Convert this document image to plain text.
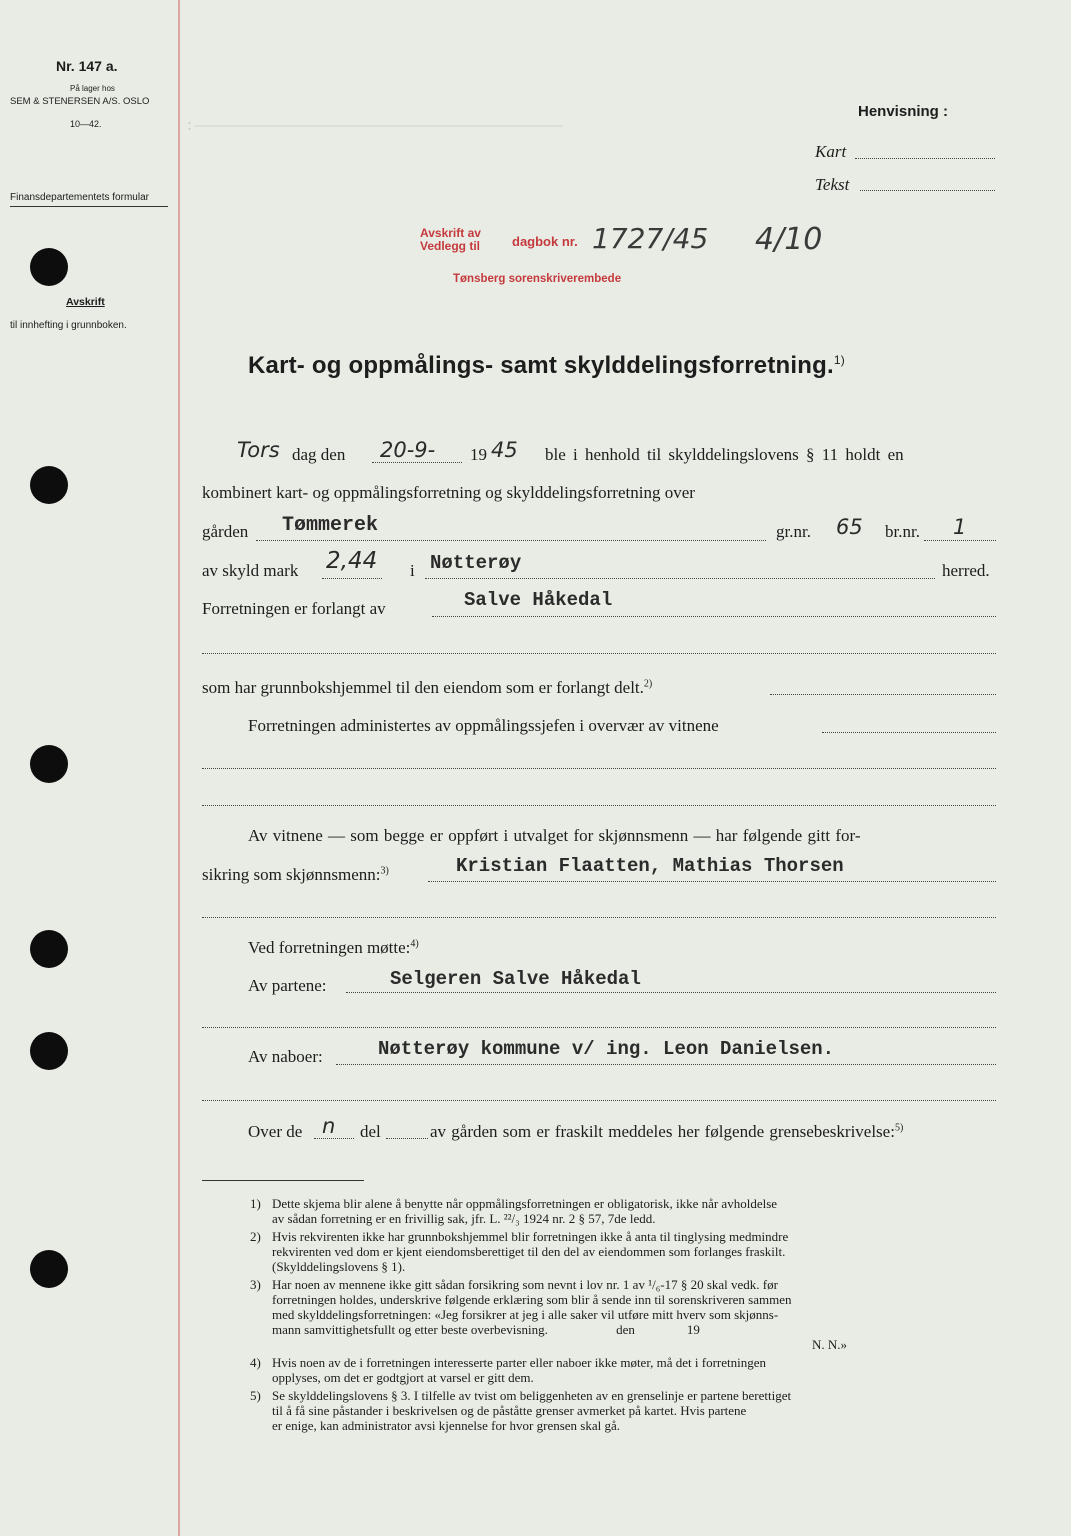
:—————————————————————————————————————————
Nr. 147 a.
På lager hos
SEM & STENERSEN A/S. OSLO
10—42.
Finansdepartementets formular
Avskrift
til innhefting i grunnboken.
Henvisning :
Kart
Tekst
Avskrift av
Vedlegg til dagbok nr. 1727/45 4/10
Tønsberg sorenskriverembede
Kart- og oppmålings- samt skylddelingsforretning.$^{1)}$
Tors dag den 20-9- 19 45 ble i henhold til skylddelingslovens § 11 holdt en
kombinert kart- og oppmålingsforretning og skylddelingsforretning over
gården Tømmerek	gr.nr. 65 br.nr. 1
av skyld mark 2,44 i Nøtterøy	herred.
Forretningen er forlangt av	Salve Håkedal
som har grunnbokshjemmel til den eiendom som er forlangt delt.$^{2)}$
Forretningen administertes av oppmålingssjefen i overvær av vitnene
Av vitnene — som begge er oppført i utvalget for skjønnsmenn — har følgende gitt for-
sikring som skjønnsmenn:$^{3)}$	Kristian Flaatten, Mathias Thorsen
Ved forretningen møtte:$^{4)}$
Av partene:	Selgeren Salve Håkedal
Av naboer:	Nøtterøy kommune v/ ing. Leon Danielsen.
Over de n del	av gården som er fraskilt meddeles her følgende grensebeskrivelse:$^{5)}$
1) Dette skjema blir alene å benytte når oppmålingsforretningen er obligatorisk, ikke når avholdelse
av sådan forretning er en frivillig sak, jfr. L. ²²/₃ 1924 nr. 2 § 57, 7de ledd.
2) Hvis rekvirenten ikke har grunnbokshjemmel blir forretningen ikke å anta til tinglysing medmindre
rekvirenten ved dom er kjent eiendomsberettiget til den del av eiendommen som forlanges fraskilt.
(Skylddelingslovens § 1).
3) Har noen av mennene ikke gitt sådan forsikring som nevnt i lov nr. 1 av ¹/₆-17 § 20 skal vedk. før
forretningen holdes, underskrive følgende erklæring som blir å sende inn til sorenskriveren sammen
med skylddelingsforretningen: «Jeg forsikrer at jeg i alle saker vil utføre mitt hverv som skjønns-
mann samvittighetsfullt og etter beste overbevisning.                     den                19
N. N.»
4) Hvis noen av de i forretningen interesserte parter eller naboer ikke møter, må det i forretningen
opplyses, om det er godtgjort at varsel er gitt dem.
5) Se skylddelingslovens § 3. I tilfelle av tvist om beliggenheten av en grenselinje er partene berettiget
til å få sine påstander i beskrivelsen og de påståtte grenser avmerket på kartet. Hvis partene
er enige, kan administrator avsi kjennelse for hvor grensen skal gå.
